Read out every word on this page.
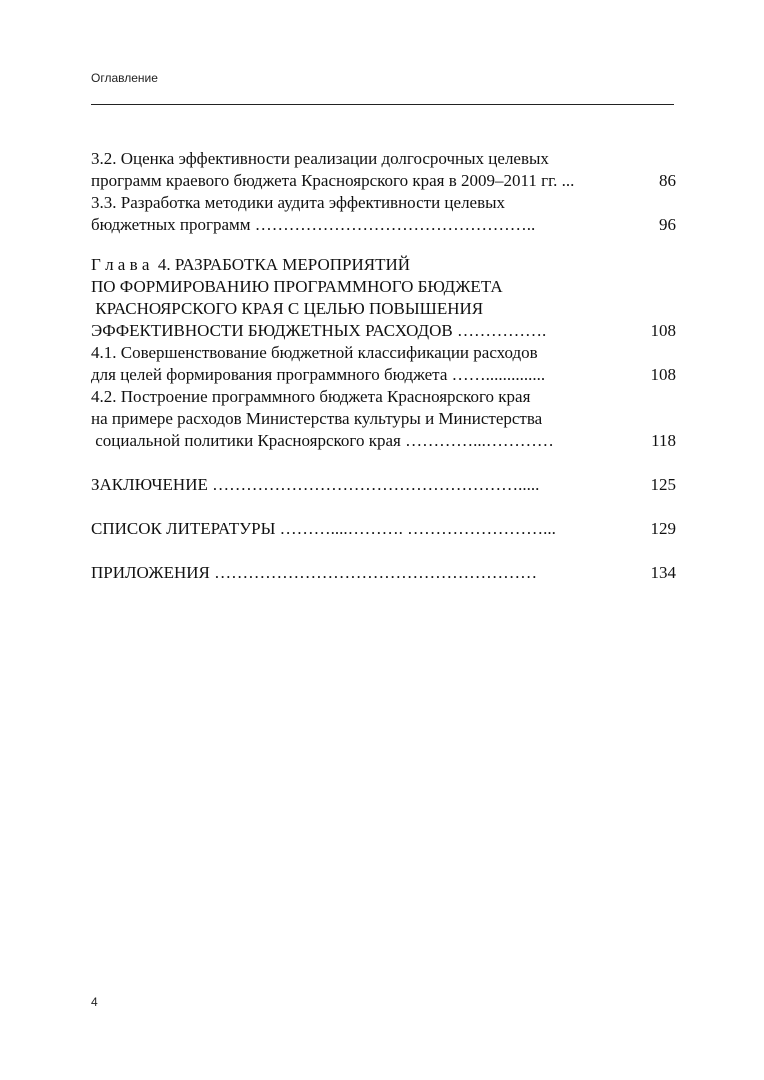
Оглавление
3.2. Оценка эффективности реализации долгосрочных целевых
программ краевого бюджета Красноярского края в 2009–2011 гг. ...	86
3.3. Разработка методики аудита эффективности целевых
бюджетных программ …………………………………………..	96
Г л а в а  4. РАЗРАБОТКА МЕРОПРИЯТИЙ
ПО ФОРМИРОВАНИЮ ПРОГРАММНОГО БЮДЖЕТА
КРАСНОЯРСКОГО КРАЯ С ЦЕЛЬЮ ПОВЫШЕНИЯ
ЭФФЕКТИВНОСТИ БЮДЖЕТНЫХ РАСХОДОВ …………….	108
4.1. Совершенствование бюджетной классификации расходов
для целей формирования программного бюджета ……..............	108
4.2. Построение программного бюджета Красноярского края
на примере расходов Министерства культуры и Министерства
социальной политики Красноярского края …………...…………	118
ЗАКЛЮЧЕНИЕ ……………………………………………….....	125
СПИСОК ЛИТЕРАТУРЫ ………....………. ……………………...	129
ПРИЛОЖЕНИЯ …………………………………………………	134
4
